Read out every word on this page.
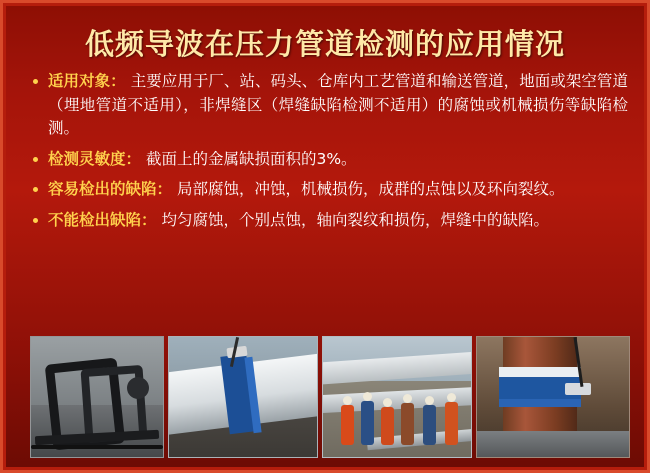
低频导波在压力管道检测的应用情况
适用对象： 主要应用于厂、站、码头、仓库内工艺管道和输送管道，地面或架空管道（埋地管道不适用），非焊缝区（焊缝缺陷检测不适用）的腐蚀或机械损伤等缺陷检测。
检测灵敏度： 截面上的金属缺损面积的3%。
容易检出的缺陷： 局部腐蚀，冲蚀，机械损伤，成群的点蚀以及环向裂纹。
不能检出缺陷： 均匀腐蚀，个别点蚀，轴向裂纹和损伤，焊缝中的缺陷。
